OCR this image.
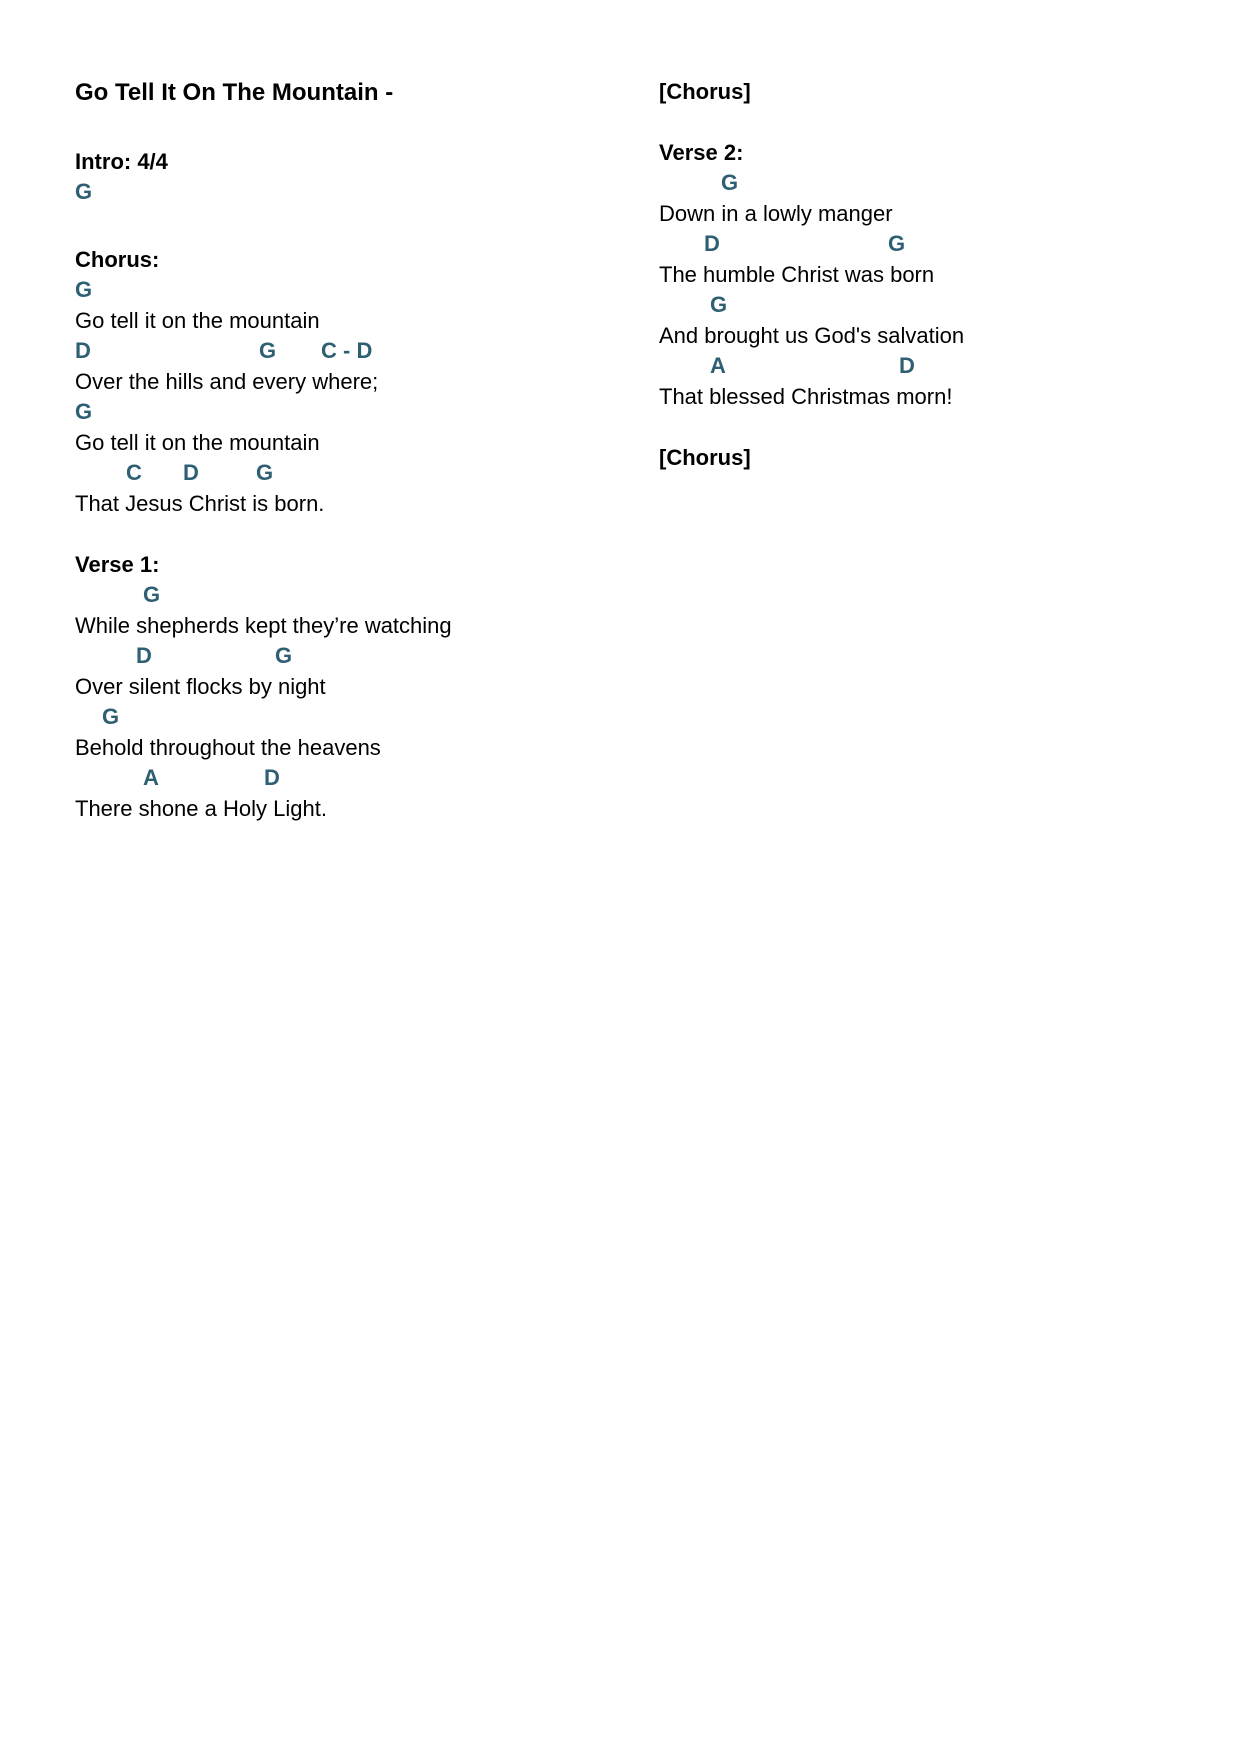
Go Tell It On The Mountain -
Intro: 4/4
G
Chorus:
G
Go tell it on the mountain
D	G C - D
Over the hills and every where;
G
Go tell it on the mountain
C D	G
That Jesus Christ is born.
Verse 1:
G
While shepherds kept they’re watching
D	G
Over silent flocks by night
G
Behold throughout the heavens
A	D
There shone a Holy Light.
[Chorus]
Verse 2:
G
Down in a lowly manger
D	G
The humble Christ was born
G
And brought us God's salvation
A	D
That blessed Christmas morn!
[Chorus]
